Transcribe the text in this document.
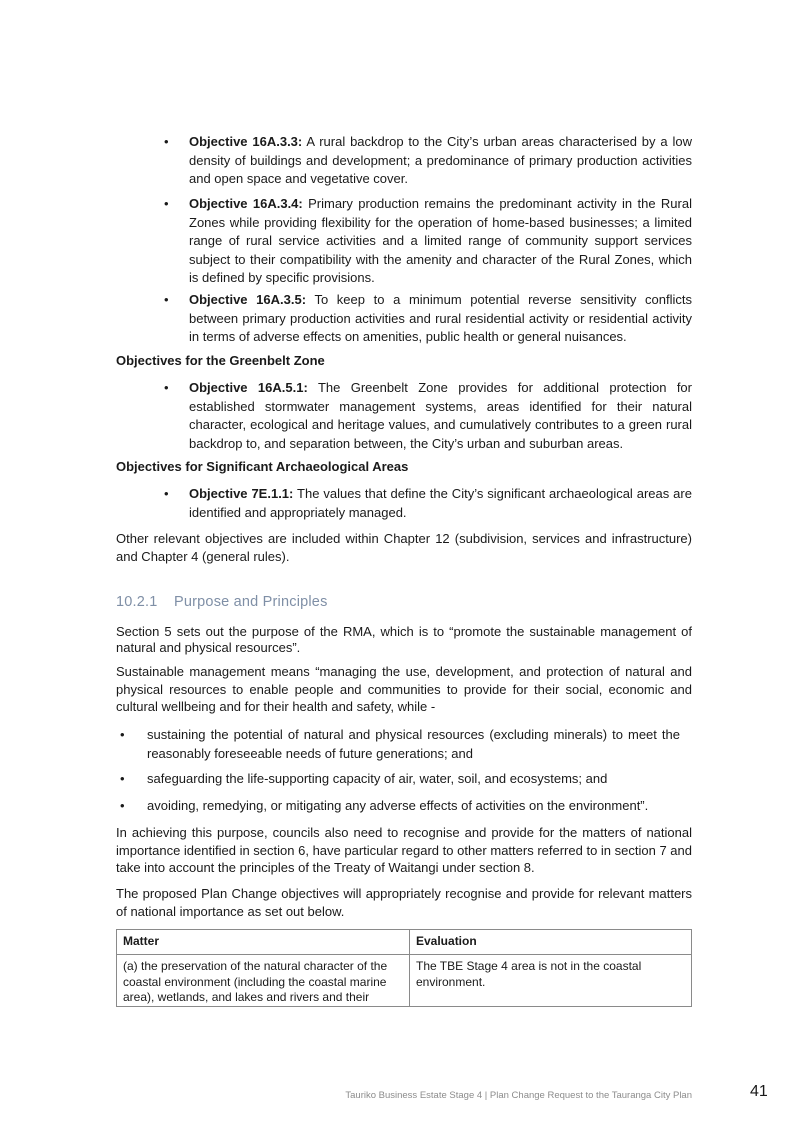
• Objective 16A.3.3: A rural backdrop to the City’s urban areas characterised by a low density of buildings and development; a predominance of primary production activities and open space and vegetative cover.
• Objective 16A.3.4: Primary production remains the predominant activity in the Rural Zones while providing flexibility for the operation of home-based businesses; a limited range of rural service activities and a limited range of community support services subject to their compatibility with the amenity and character of the Rural Zones, which is defined by specific provisions.
• Objective 16A.3.5: To keep to a minimum potential reverse sensitivity conflicts between primary production activities and rural residential activity or residential activity in terms of adverse effects on amenities, public health or general nuisances.
Objectives for the Greenbelt Zone
• Objective 16A.5.1: The Greenbelt Zone provides for additional protection for established stormwater management systems, areas identified for their natural character, ecological and heritage values, and cumulatively contributes to a green rural backdrop to, and separation between, the City’s urban and suburban areas.
Objectives for Significant Archaeological Areas
• Objective 7E.1.1: The values that define the City’s significant archaeological areas are identified and appropriately managed.
Other relevant objectives are included within Chapter 12 (subdivision, services and infrastructure) and Chapter 4 (general rules).
10.2.1 Purpose and Principles
Section 5 sets out the purpose of the RMA, which is to “promote the sustainable management of natural and physical resources”.
Sustainable management means “managing the use, development, and protection of natural and physical resources to enable people and communities to provide for their social, economic and cultural wellbeing and for their health and safety, while -
• sustaining the potential of natural and physical resources (excluding minerals) to meet the reasonably foreseeable needs of future generations; and
• safeguarding the life-supporting capacity of air, water, soil, and ecosystems; and
• avoiding, remedying, or mitigating any adverse effects of activities on the environment”.
In achieving this purpose, councils also need to recognise and provide for the matters of national importance identified in section 6, have particular regard to other matters referred to in section 7 and take into account the principles of the Treaty of Waitangi under section 8.
The proposed Plan Change objectives will appropriately recognise and provide for relevant matters of national importance as set out below.
Matter	Evaluation
(a) the preservation of the natural character of the coastal environment (including the coastal marine area), wetlands, and lakes and rivers and their	The TBE Stage 4 area is not in the coastal environment.
Tauriko Business Estate Stage 4 | Plan Change Request to the Tauranga City Plan	41
